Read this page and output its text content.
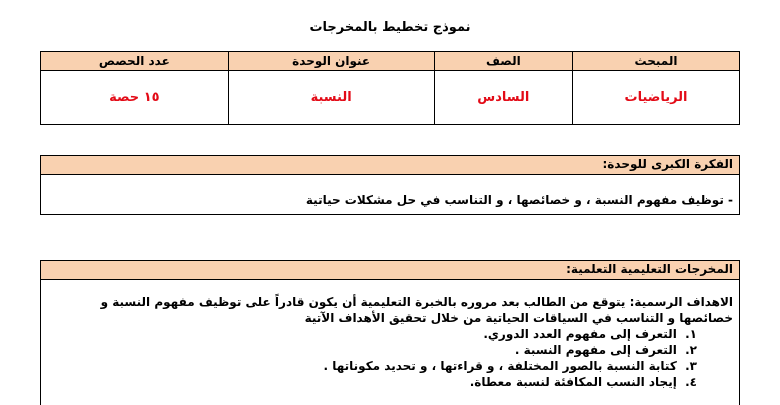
نموذج تخطيط بالمخرجات
المبحث	الصف	عنوان الوحدة	عدد الحصص
الرياضيات	السادس	النسبة	١٥ حصة
الفكرة الكبرى للوحدة:
- توظيف مفهوم النسبة ، و خصائصها ، و التناسب في حل مشكلات حياتية
المخرجات التعليمية التعلمية:
الاهداف الرسمية: يتوقع من الطالب بعد مروره بالخبرة التعليمية أن يكون قادراً على توظيف مفهوم النسبة و خصائصها و التناسب في السياقات الحياتية من خلال تحقيق الأهداف الآتية
١. التعرف إلى مفهوم العدد الدوري.
٢. التعرف إلى مفهوم النسبة .
٣. كتابة النسبة بالصور المختلفة ، و قراءتها ، و تحديد مكوناتها .
٤. إيجاد النسب المكافئة لنسبة معطاة.
